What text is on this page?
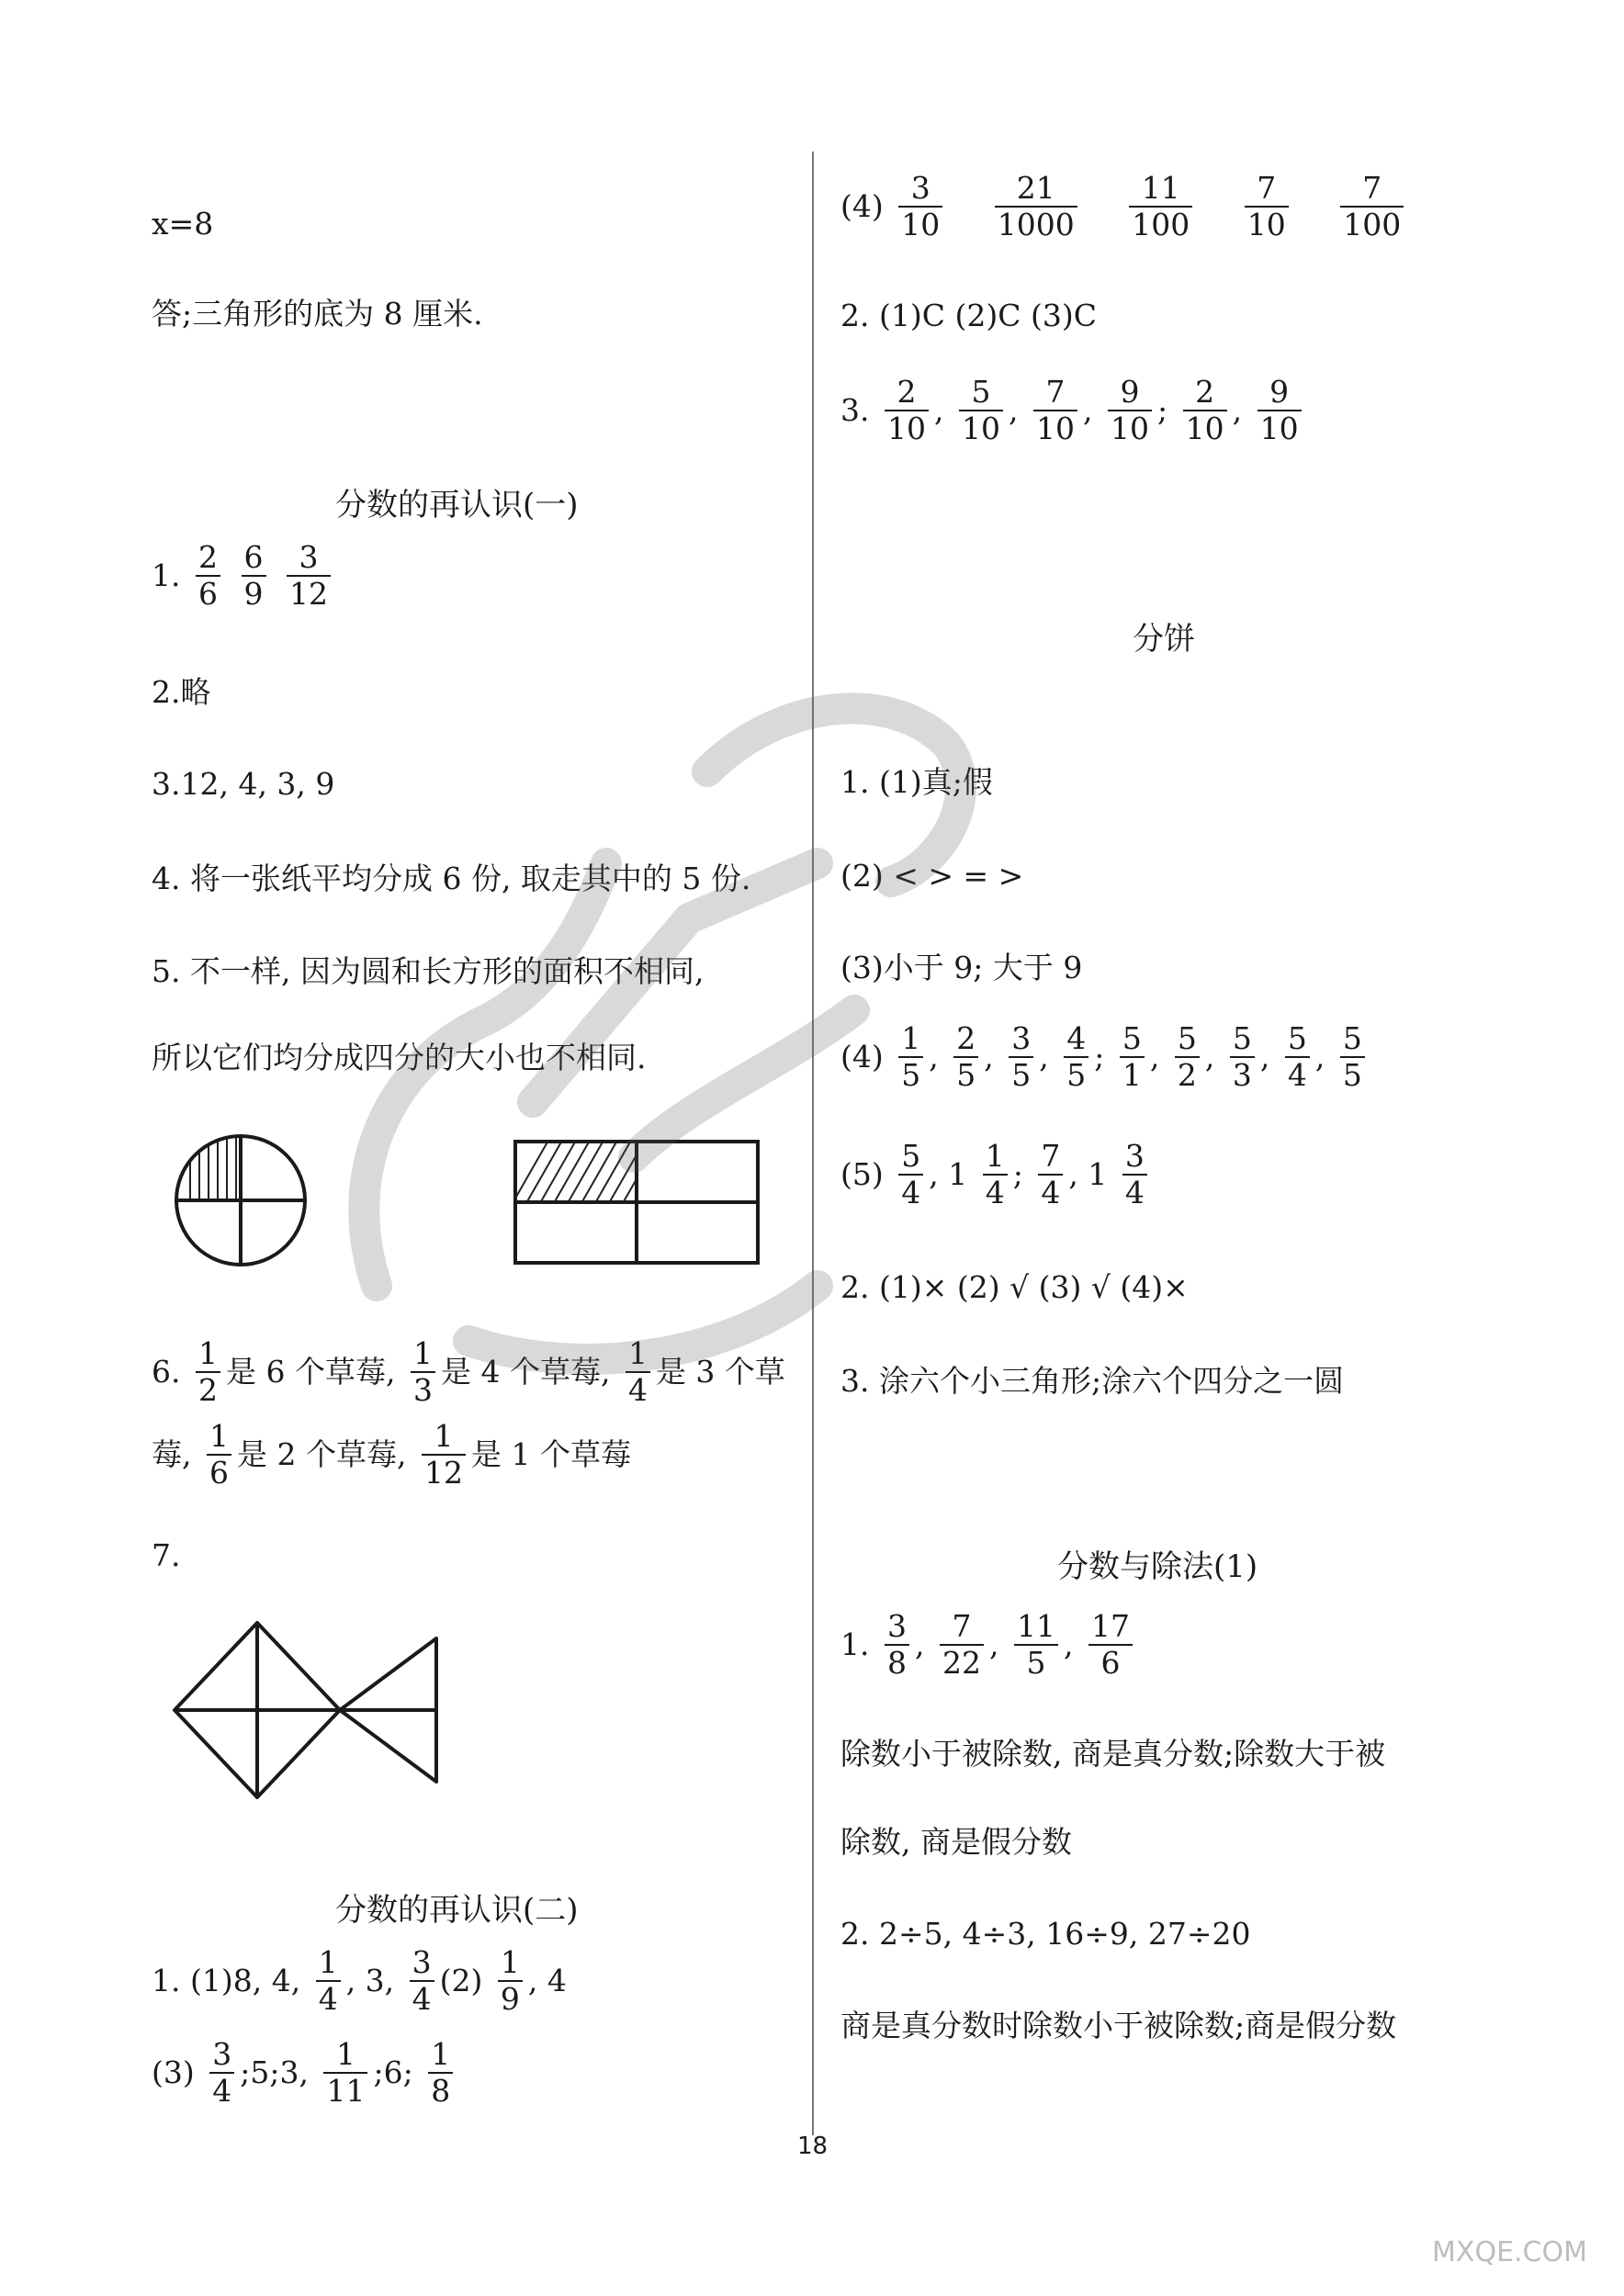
x=8
答;三角形的底为 8 厘米.
分数的再认识(一)
1. $\frac{2}{6}$
$\frac{6}{9}$
$\frac{3}{12}$
2.略
3.12, 4, 3, 9
4. 将一张纸平均分成 6 份, 取走其中的 5 份.
5. 不一样, 因为圆和长方形的面积不相同,
所以它们均分成四分的大小也不相同.
6. $\frac{1}{2}$ 是 6 个草莓, $\frac{1}{3}$ 是 4 个草莓, $\frac{1}{4}$ 是 3 个草
莓, $\frac{1}{6}$ 是 2 个草莓, $\frac{1}{12}$ 是 1 个草莓
7.
分数的再认识(二)
1. (1)8, 4, $\frac{1}{4}$ , 3, $\frac{3}{4} (2) \frac{1}{9}$ , 4
$(3) \frac{3}{4}$ ;5;3, $\frac{1}{11}$ ;6; $\frac{1}{8}$
$(4) \frac{3}{10}$
$\frac{21}{1000}$
$\frac{11}{100}$
$\frac{7}{10}$
$\frac{7}{100}$
2. (1)C (2)C (3)C
3. $\frac{2}{10}$ , $\frac{5}{10}$ , $\frac{7}{10}$ , $\frac{9}{10}$ ; $\frac{2}{10}$ , $\frac{9}{10}$
分饼
1. (1)真;假
(2) < > = >
(3)小于 9; 大于 9
$(4) \frac{1}{5}$ , $\frac{2}{5}$ , $\frac{3}{5}$ , $\frac{4}{5}$ ; $\frac{5}{1}$ , $\frac{5}{2}$ , $\frac{5}{3}$ , $\frac{5}{4}$ , $\frac{5}{5}$
$(5) \frac{5}{4}$ , $1 \frac{1}{4}$ ; $\frac{7}{4}$ , $1 \frac{3}{4}$
2. (1)× (2) √ (3) √ (4)×
3. 涂六个小三角形;涂六个四分之一圆
分数与除法(1)
1. $\frac{3}{8}$ , $\frac{7}{22}$ , $\frac{11}{5}$ , $\frac{17}{6}$
除数小于被除数, 商是真分数;除数大于被
除数, 商是假分数
2. 2÷5, 4÷3, 16÷9, 27÷20
商是真分数时除数小于被除数;商是假分数
18
MXQE.COM
